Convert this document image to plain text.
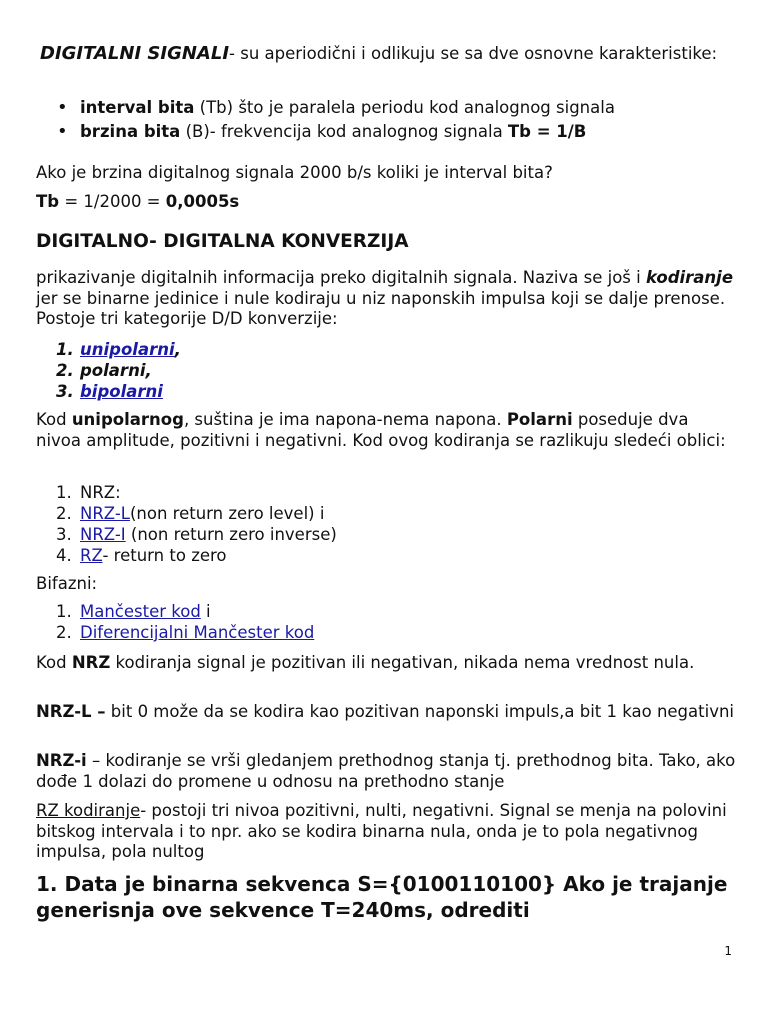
DIGITALNI SIGNALI- su aperiodični i odlikuju se sa dve osnovne karakteristike:

• interval bita (Tb) što je paralela periodu kod analognog signala
• brzina bita (B)- frekvencija kod analognog signala Tb = 1/B

Ako je brzina digitalnog signala 2000 b/s koliki je interval bita?

Tb = 1/2000 = 0,0005s

DIGITALNO- DIGITALNA KONVERZIJA

prikazivanje digitalnih informacija preko digitalnih signala. Naziva se još i kodiranje jer se binarne jedinice i nule kodiraju u niz naponskih impulsa koji se dalje prenose. Postoje tri kategorije D/D konverzije:

1. unipolarni,
2. polarni,
3. bipolarni

Kod unipolarnog, suština je ima napona-nema napona. Polarni poseduje dva nivoa amplitude, pozitivni i negativni. Kod ovog kodiranja se razlikuju sledeći oblici:

1. NRZ:
2. NRZ-L(non return zero level) i
3. NRZ-I (non return zero inverse)
4. RZ- return to zero

Bifazni:

1. Mančester kod i
2. Diferencijalni Mančester kod

Kod NRZ kodiranja signal je pozitivan ili negativan, nikada nema vrednost nula.

NRZ-L – bit 0 može da se kodira kao pozitivan naponski impuls,a bit 1 kao negativni

NRZ-i – kodiranje se vrši gledanjem prethodnog stanja tj. prethodnog bita. Tako, ako dođe 1 dolazi do promene u odnosu na prethodno stanje

RZ kodiranje- postoji tri nivoa pozitivni, nulti, negativni. Signal se menja na polovini bitskog intervala i to npr. ako se kodira binarna nula, onda je to pola negativnog impulsa, pola nultog

1. Data je binarna sekvenca S={0100110100} Ako je trajanje generisnja ove sekvence T=240ms, odrediti
1
